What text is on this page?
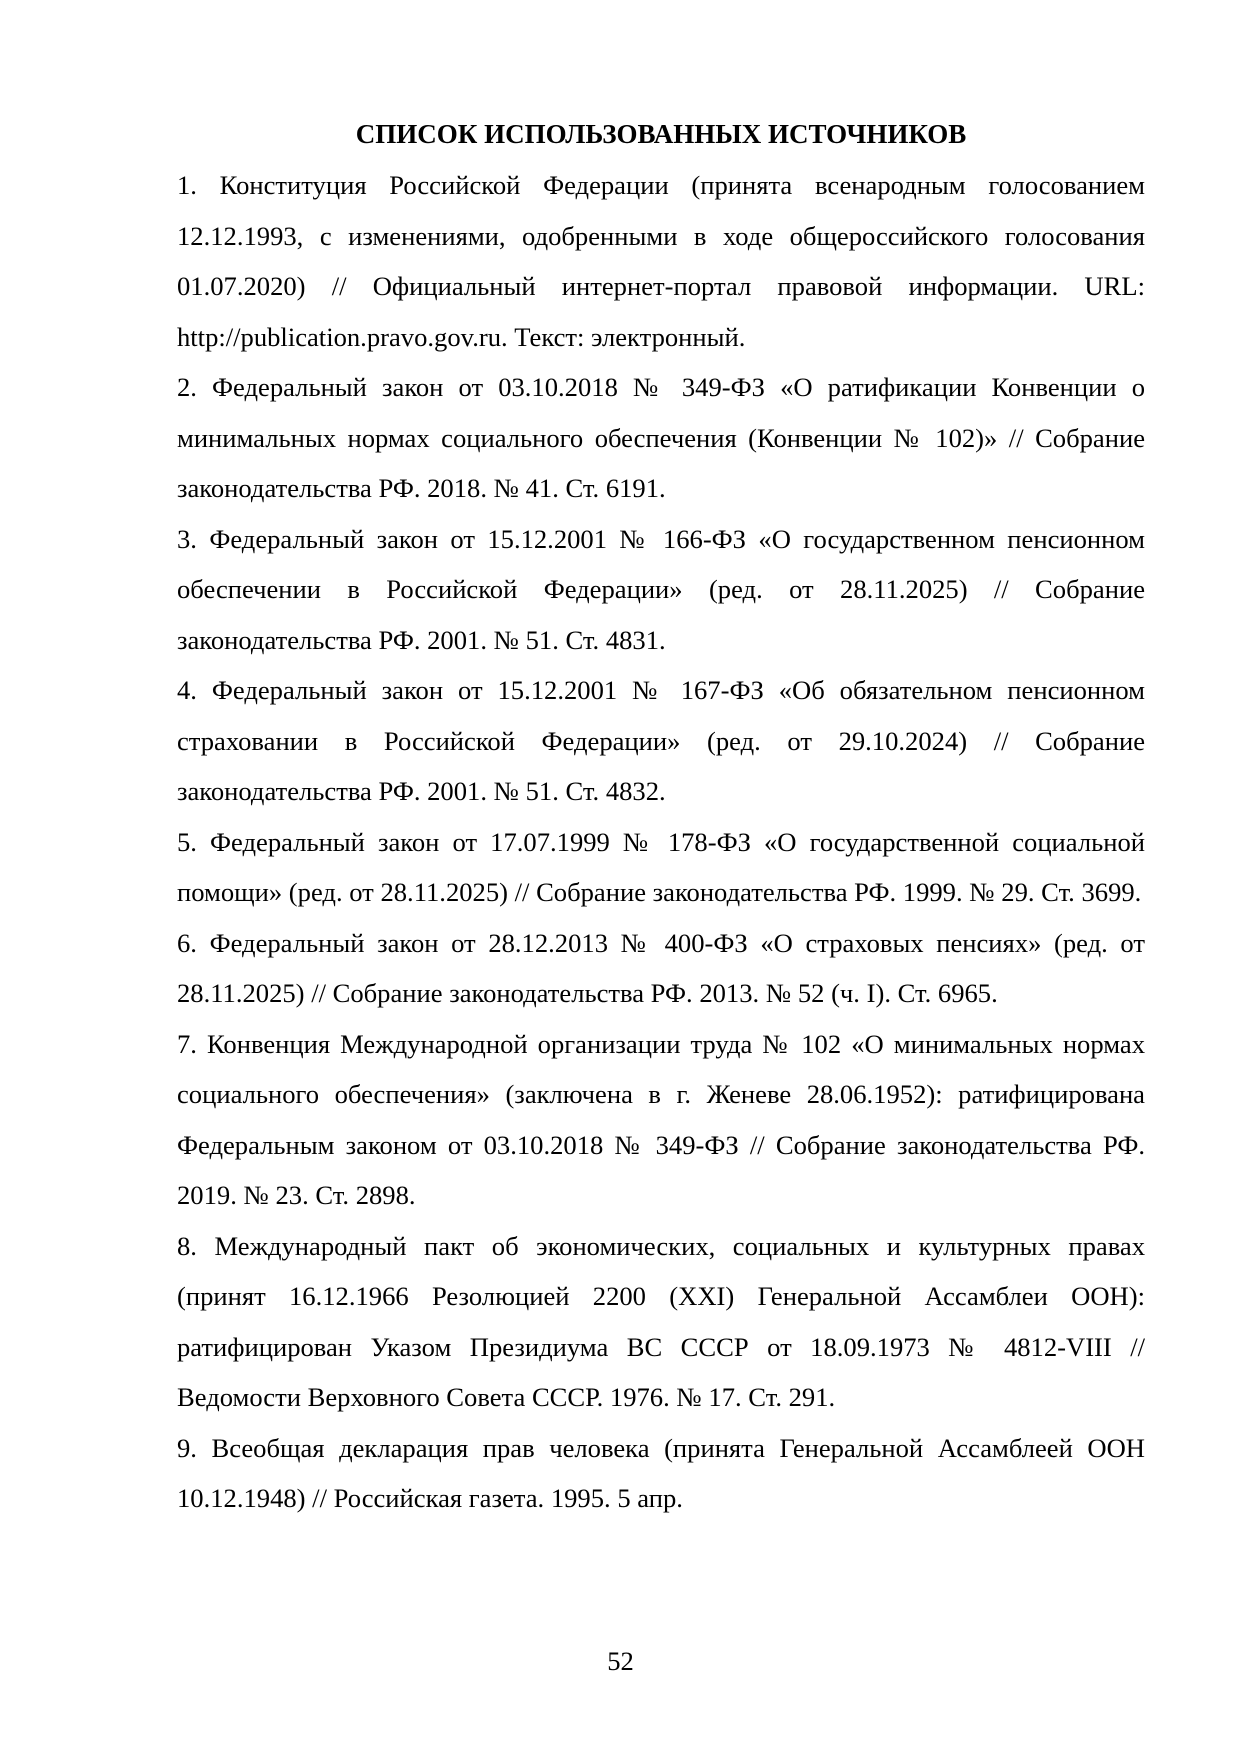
СПИСОК ИСПОЛЬЗОВАННЫХ ИСТОЧНИКОВ
1. Конституция Российской Федерации (принята всенародным голосованием 12.12.1993, с изменениями, одобренными в ходе общероссийского голосования 01.07.2020) // Официальный интернет-портал правовой информации. URL: http://publication.pravo.gov.ru. Текст: электронный.
2. Федеральный закон от 03.10.2018 № 349-ФЗ «О ратификации Конвенции о минимальных нормах социального обеспечения (Конвенции № 102)» // Собрание законодательства РФ. 2018. № 41. Ст. 6191.
3. Федеральный закон от 15.12.2001 № 166-ФЗ «О государственном пенсионном обеспечении в Российской Федерации» (ред. от 28.11.2025) // Собрание законодательства РФ. 2001. № 51. Ст. 4831.
4. Федеральный закон от 15.12.2001 № 167-ФЗ «Об обязательном пенсионном страховании в Российской Федерации» (ред. от 29.10.2024) // Собрание законодательства РФ. 2001. № 51. Ст. 4832.
5. Федеральный закон от 17.07.1999 № 178-ФЗ «О государственной социальной помощи» (ред. от 28.11.2025) // Собрание законодательства РФ. 1999. № 29. Ст. 3699.
6. Федеральный закон от 28.12.2013 № 400-ФЗ «О страховых пенсиях» (ред. от 28.11.2025) // Собрание законодательства РФ. 2013. № 52 (ч. I). Ст. 6965.
7. Конвенция Международной организации труда № 102 «О минимальных нормах социального обеспечения» (заключена в г. Женеве 28.06.1952): ратифицирована Федеральным законом от 03.10.2018 № 349-ФЗ // Собрание законодательства РФ. 2019. № 23. Ст. 2898.
8. Международный пакт об экономических, социальных и культурных правах (принят 16.12.1966 Резолюцией 2200 (XXI) Генеральной Ассамблеи ООН): ратифицирован Указом Президиума ВС СССР от 18.09.1973 № 4812-VIII // Ведомости Верховного Совета СССР. 1976. № 17. Ст. 291.
9. Всеобщая декларация прав человека (принята Генеральной Ассамблеей ООН 10.12.1948) // Российская газета. 1995. 5 апр.
52
